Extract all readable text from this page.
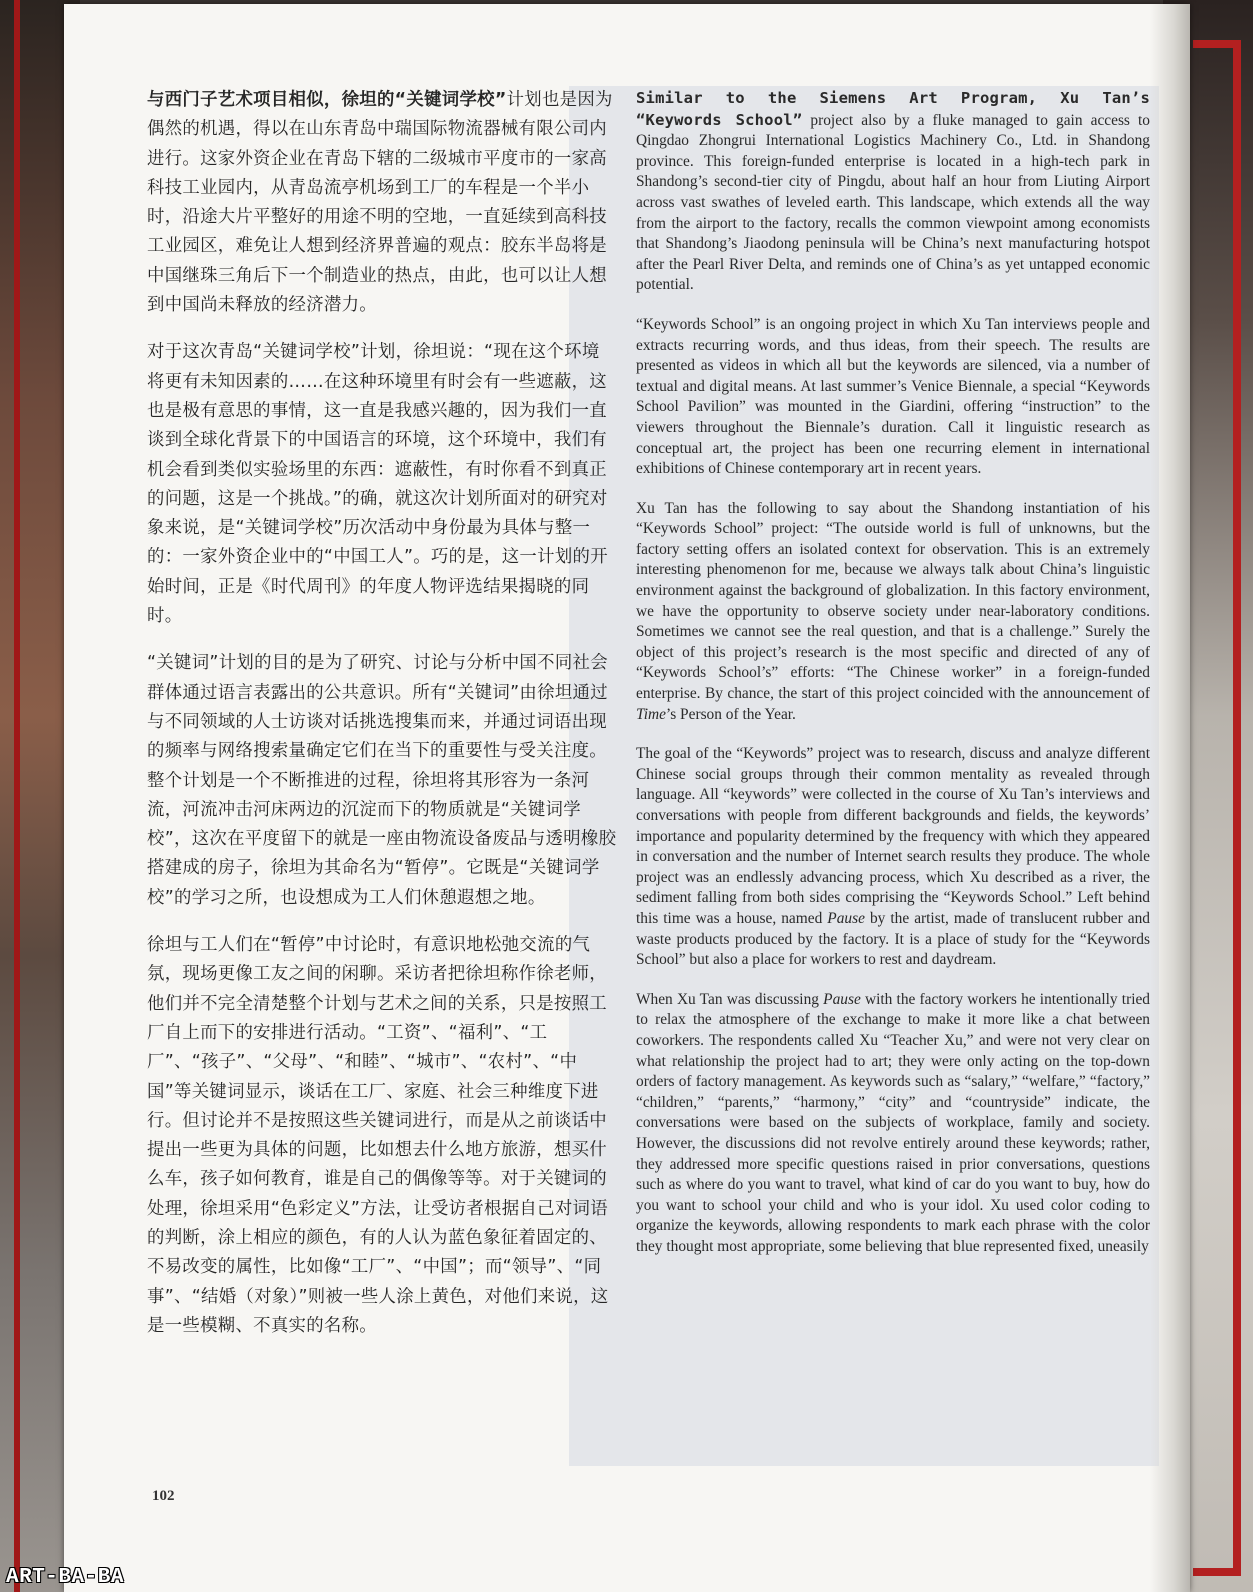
与西门子艺术项目相似，徐坦的“关键词学校”计划也是因为偶然的机遇，得以在山东青岛中瑞国际物流器械有限公司内进行。这家外资企业在青岛下辖的二级城市平度市的一家高科技工业园内，从青岛流亭机场到工厂的车程是一个半小时，沿途大片平整好的用途不明的空地，一直延续到高科技工业园区，难免让人想到经济界普遍的观点：胶东半岛将是中国继珠三角后下一个制造业的热点，由此，也可以让人想到中国尚未释放的经济潜力。

对于这次青岛“关键词学校”计划，徐坦说：“现在这个环境将更有未知因素的……在这种环境里有时会有一些遮蔽，这也是极有意思的事情，这一直是我感兴趣的，因为我们一直谈到全球化背景下的中国语言的环境，这个环境中，我们有机会看到类似实验场里的东西：遮蔽性，有时你看不到真正的问题，这是一个挑战。”的确，就这次计划所面对的研究对象来说，是“关键词学校”历次活动中身份最为具体与整一的：一家外资企业中的“中国工人”。巧的是，这一计划的开始时间，正是《时代周刊》的年度人物评选结果揭晓的同时。

“关键词”计划的目的是为了研究、讨论与分析中国不同社会群体通过语言表露出的公共意识。所有“关键词”由徐坦通过与不同领域的人士访谈对话挑选搜集而来，并通过词语出现的频率与网络搜索量确定它们在当下的重要性与受关注度。整个计划是一个不断推进的过程，徐坦将其形容为一条河流，河流冲击河床两边的沉淀而下的物质就是“关键词学校”，这次在平度留下的就是一座由物流设备废品与透明橡胶搭建成的房子，徐坦为其命名为“暂停”。它既是“关键词学校”的学习之所，也设想成为工人们休憩遐想之地。

徐坦与工人们在“暂停”中讨论时，有意识地松弛交流的气氛，现场更像工友之间的闲聊。采访者把徐坦称作徐老师，他们并不完全清楚整个计划与艺术之间的关系，只是按照工厂自上而下的安排进行活动。“工资”、“福利”、“工厂”、“孩子”、“父母”、“和睦”、“城市”、“农村”、“中国”等关键词显示，谈话在工厂、家庭、社会三种维度下进行。但讨论并不是按照这些关键词进行，而是从之前谈话中提出一些更为具体的问题，比如想去什么地方旅游，想买什么车，孩子如何教育，谁是自己的偶像等等。对于关键词的处理，徐坦采用“色彩定义”方法，让受访者根据自己对词语的判断，涂上相应的颜色，有的人认为蓝色象征着固定的、不易改变的属性，比如像“工厂”、“中国”；而“领导”、“同事”、“结婚（对象）”则被一些人涂上黄色，对他们来说，这是一些模糊、不真实的名称。

Similar to the Siemens Art Program, Xu Tan’s “Keywords School” project also by a fluke managed to gain access to Qingdao Zhongrui International Logistics Machinery Co., Ltd. in Shandong province. This foreign-funded enterprise is located in a high-tech park in Shandong’s second-tier city of Pingdu, about half an hour from Liuting Airport across vast swathes of leveled earth. This landscape, which extends all the way from the airport to the factory, recalls the common viewpoint among economists that Shandong’s Jiaodong peninsula will be China’s next manufacturing hotspot after the Pearl River Delta, and reminds one of China’s as yet untapped economic potential.

“Keywords School” is an ongoing project in which Xu Tan interviews people and extracts recurring words, and thus ideas, from their speech. The results are presented as videos in which all but the keywords are silenced, via a number of textual and digital means. At last summer’s Venice Biennale, a special “Keywords School Pavilion” was mounted in the Giardini, offering “instruction” to the viewers throughout the Biennale’s duration. Call it linguistic research as conceptual art, the project has been one recurring element in international exhibitions of Chinese contemporary art in recent years.

Xu Tan has the following to say about the Shandong instantiation of his “Keywords School” project: “The outside world is full of unknowns, but the factory setting offers an isolated context for observation. This is an extremely interesting phenomenon for me, because we always talk about China’s linguistic environment against the background of globalization. In this factory environment, we have the opportunity to observe society under near-laboratory conditions. Sometimes we cannot see the real question, and that is a challenge.” Surely the object of this project’s research is the most specific and directed of any of “Keywords School’s” efforts: “The Chinese worker” in a foreign-funded enterprise. By chance, the start of this project coincided with the announcement of Time’s Person of the Year.

The goal of the “Keywords” project was to research, discuss and analyze different Chinese social groups through their common mentality as revealed through language. All “keywords” were collected in the course of Xu Tan’s interviews and conversations with people from different backgrounds and fields, the keywords’ importance and popularity determined by the frequency with which they appeared in conversation and the number of Internet search results they produce. The whole project was an endlessly advancing process, which Xu described as a river, the sediment falling from both sides comprising the “Keywords School.” Left behind this time was a house, named Pause by the artist, made of translucent rubber and waste products produced by the factory. It is a place of study for the “Keywords School” but also a place for workers to rest and daydream.

When Xu Tan was discussing Pause with the factory workers he intentionally tried to relax the atmosphere of the exchange to make it more like a chat between coworkers. The respondents called Xu “Teacher Xu,” and were not very clear on what relationship the project had to art; they were only acting on the top-down orders of factory management. As keywords such as “salary,” “welfare,” “factory,” “children,” “parents,” “harmony,” “city” and “countryside” indicate, the conversations were based on the subjects of workplace, family and society. However, the discussions did not revolve entirely around these keywords; rather, they addressed more specific questions raised in prior conversations, questions such as where do you want to travel, what kind of car do you want to buy, how do you want to school your child and who is your idol. Xu used color coding to organize the keywords, allowing respondents to mark each phrase with the color they thought most appropriate, some believing that blue represented fixed, uneasily

102
ART-BA-BA
